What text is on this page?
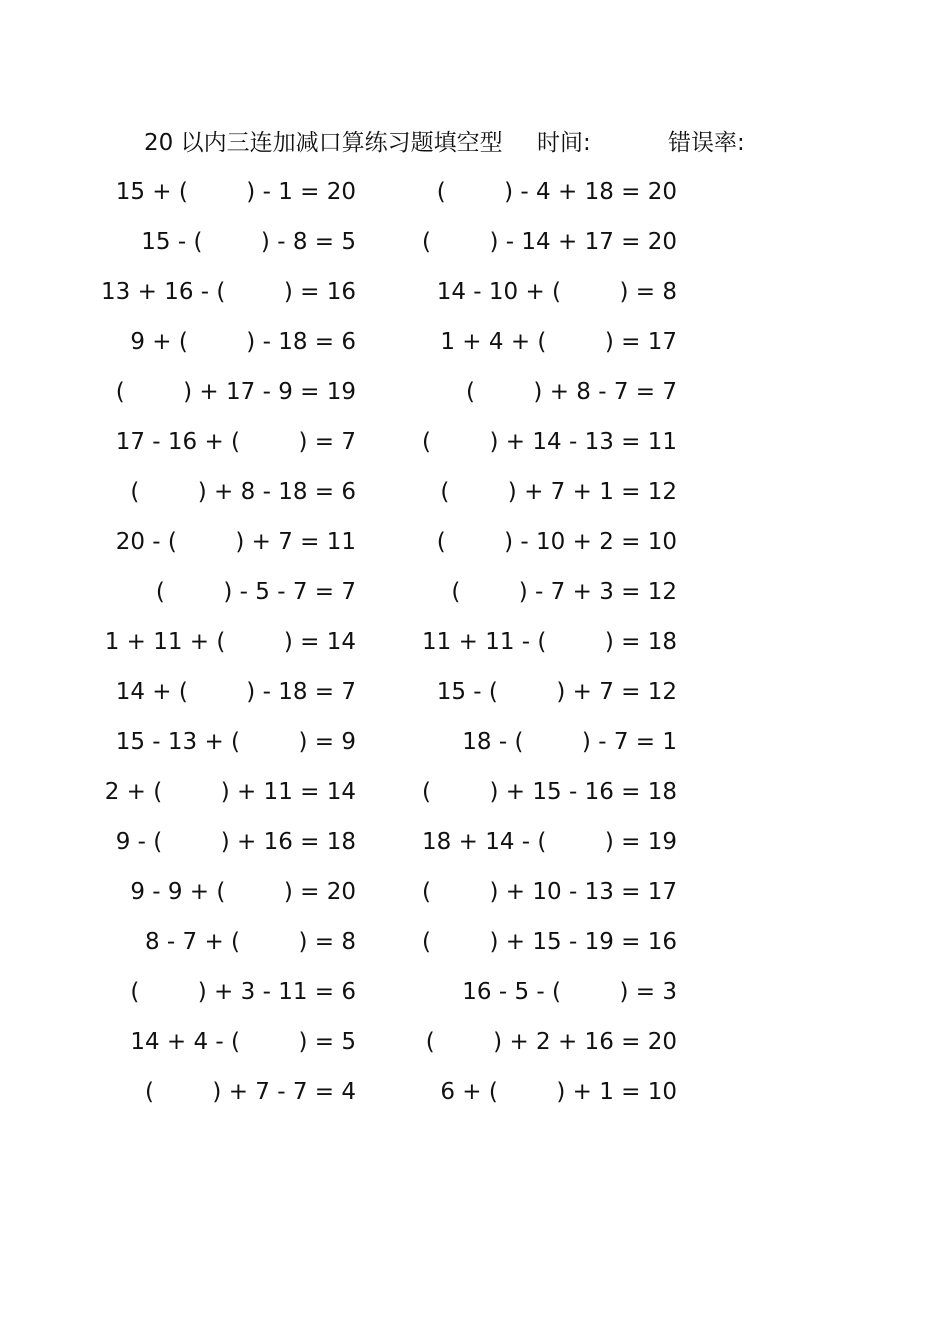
20 以内三连加减口算练习题填空型 时间:	错误率:
15 + (        ) - 1 = 20	(        ) - 4 + 18 = 20
15 - (        ) - 8 = 5	(        ) - 14 + 17 = 20
13 + 16 - (        ) = 16	14 - 10 + (        ) = 8
9 + (        ) - 18 = 6	1 + 4 + (        ) = 17
(        ) + 17 - 9 = 19	(        ) + 8 - 7 = 7
17 - 16 + (        ) = 7	(        ) + 14 - 13 = 11
(        ) + 8 - 18 = 6	(        ) + 7 + 1 = 12
20 - (        ) + 7 = 11	(        ) - 10 + 2 = 10
(        ) - 5 - 7 = 7	(        ) - 7 + 3 = 12
1 + 11 + (        ) = 14	11 + 11 - (        ) = 18
14 + (        ) - 18 = 7	15 - (        ) + 7 = 12
15 - 13 + (        ) = 9	18 - (        ) - 7 = 1
2 + (        ) + 11 = 14	(        ) + 15 - 16 = 18
9 - (        ) + 16 = 18	18 + 14 - (        ) = 19
9 - 9 + (        ) = 20	(        ) + 10 - 13 = 17
8 - 7 + (        ) = 8	(        ) + 15 - 19 = 16
(        ) + 3 - 11 = 6	16 - 5 - (        ) = 3
14 + 4 - (        ) = 5	(        ) + 2 + 16 = 20
(        ) + 7 - 7 = 4	6 + (        ) + 1 = 10
